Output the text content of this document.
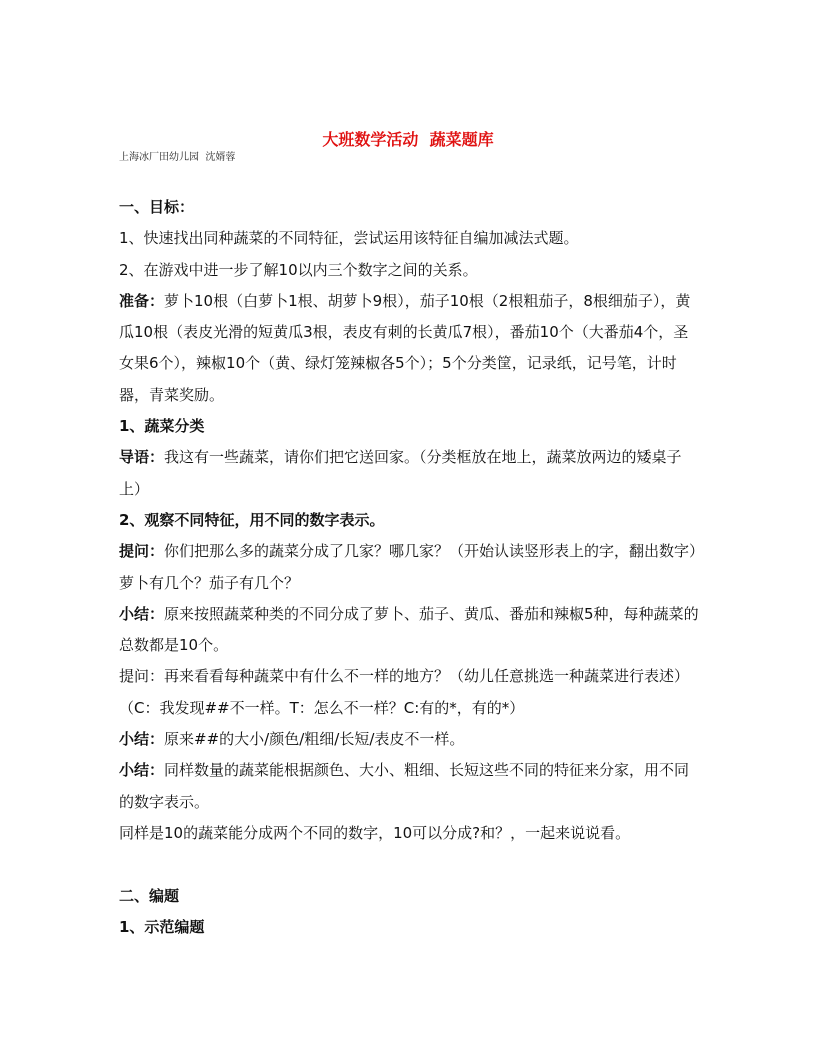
大班数学活动  蔬菜题库
上海冰厂田幼儿园  沈婿蓉

一、目标：

1、快速找出同种蔬菜的不同特征，尝试运用该特征自编加减法式题。

2、在游戏中进一步了解10以内三个数字之间的关系。

准备：萝卜10根（白萝卜1根、胡萝卜9根），茄子10根（2根粗茄子，8根细茄子），黄瓜10根（表皮光滑的短黄瓜3根，表皮有刺的长黄瓜7根），番茄10个（大番茄4个，圣女果6个），辣椒10个（黄、绿灯笼辣椒各5个）；5个分类筐，记录纸，记号笔，计时器，青菜奖励。

1、蔬菜分类

导语：我这有一些蔬菜，请你们把它送回家。（分类框放在地上，蔬菜放两边的矮桌子上）

2、观察不同特征，用不同的数字表示。

提问：你们把那么多的蔬菜分成了几家？哪几家？（开始认读竖形表上的字，翻出数字）萝卜有几个？茄子有几个？

小结：原来按照蔬菜种类的不同分成了萝卜、茄子、黄瓜、番茄和辣椒5种，每种蔬菜的总数都是10个。

提问：再来看看每种蔬菜中有什么不一样的地方？（幼儿任意挑选一种蔬菜进行表述）（C：我发现##不一样。T：怎么不一样？C:有的*，有的*）

小结：原来##的大小/颜色/粗细/长短/表皮不一样。

小结：同样数量的蔬菜能根据颜色、大小、粗细、长短这些不同的特征来分家，用不同的数字表示。

同样是10的蔬菜能分成两个不同的数字，10可以分成?和？，一起来说说看。

二、编题

1、示范编题
